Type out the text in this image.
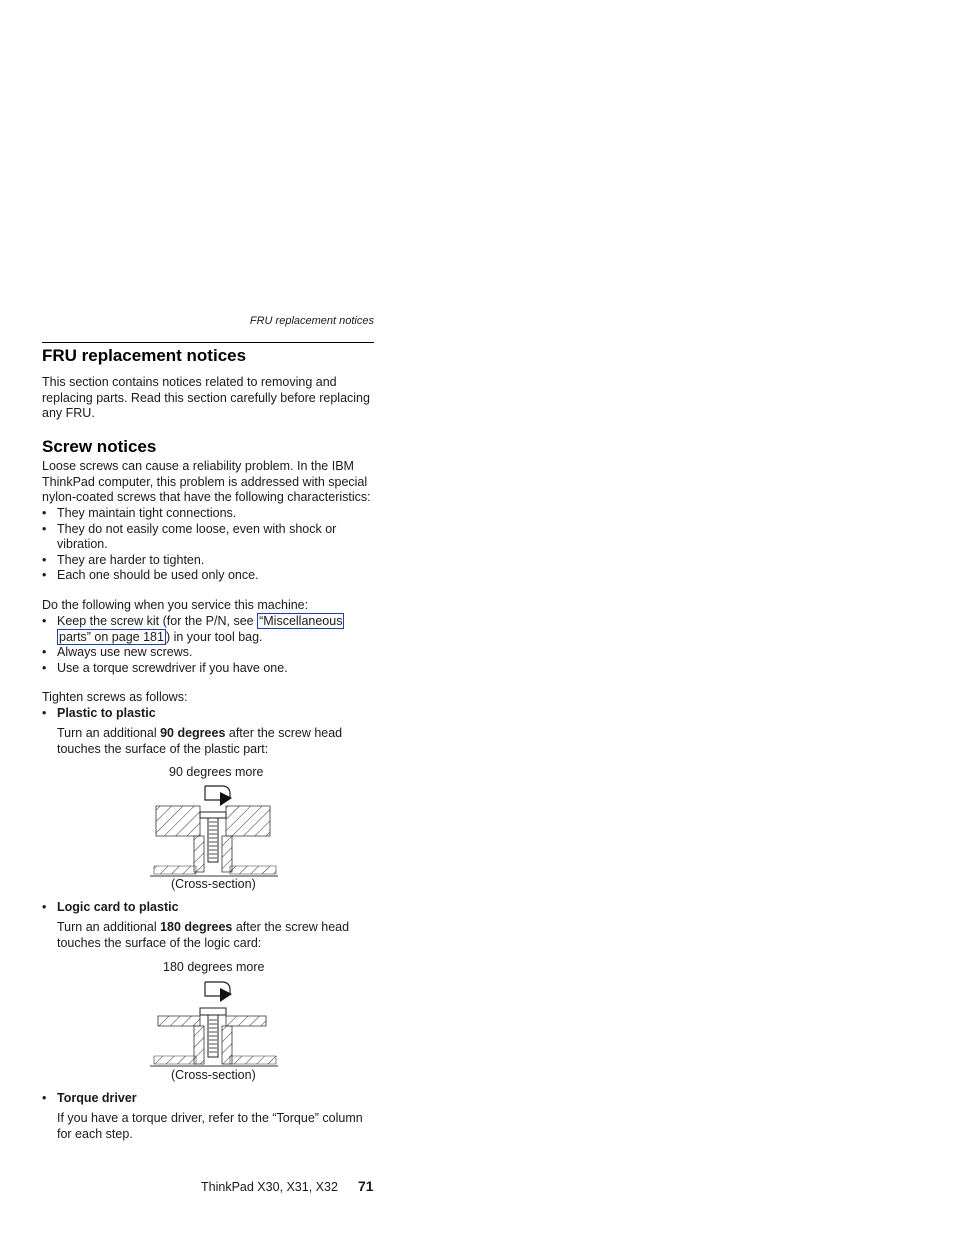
FRU replacement notices
FRU replacement notices

This section contains notices related to removing and
replacing parts. Read this section carefully before replacing
any FRU.

Screw notices

Loose screws can cause a reliability problem. In the IBM
ThinkPad computer, this problem is addressed with special
nylon-coated screws that have the following characteristics:

• They maintain tight connections.
• They do not easily come loose, even with shock or vibration.
• They are harder to tighten.
• Each one should be used only once.

Do the following when you service this machine:

• Keep the screw kit (for the P/N, see “Miscellaneous
parts” on page 181 ) in your tool bag.
• Always use new screws.
• Use a torque screwdriver if you have one.

Tighten screws as follows:

• Plastic to plastic

Turn an additional 90 degrees after the screw head touches the surface of the plastic part:

90 degrees more
(Cross-section)
• Logic card to plastic

Turn an additional 180 degrees after the screw head touches the surface of the logic card:

180 degrees more
(Cross-section)
• Torque driver

If you have a torque driver, refer to the “Torque” column for each step.

ThinkPad X30, X31, X32 71
